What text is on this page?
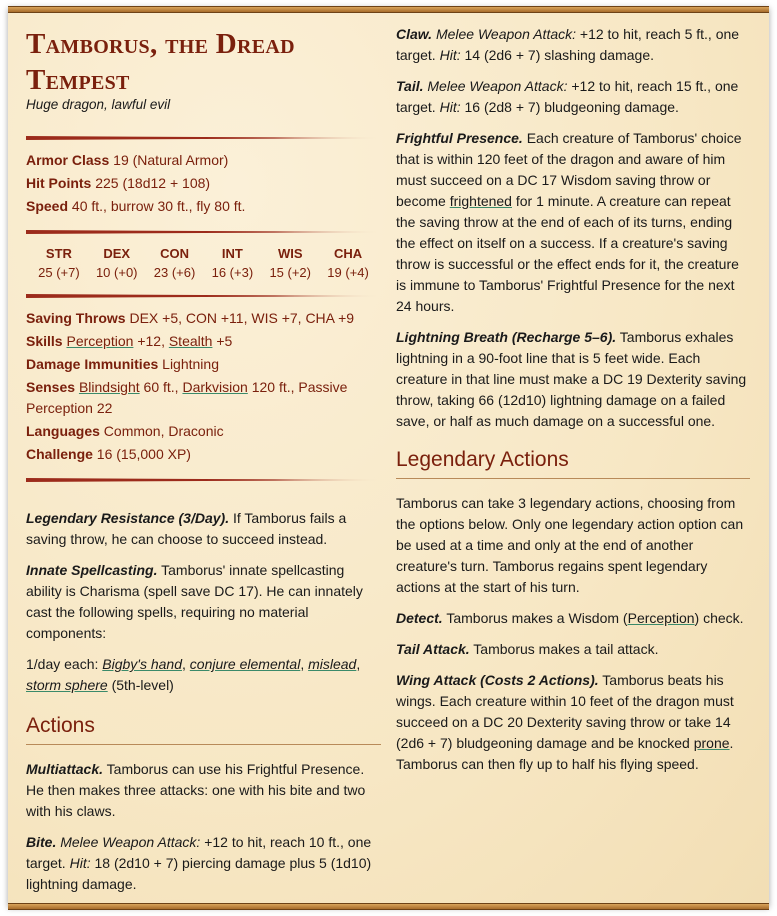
Tamborus, the Dread Tempest
Huge dragon, lawful evil
Armor Class 19 (Natural Armor)
Hit Points 225 (18d12 + 108)
Speed 40 ft., burrow 30 ft., fly 80 ft.
STR
25 (+7)
DEX
10 (+0)
CON
23 (+6)
INT
16 (+3)
WIS
15 (+2)
CHA
19 (+4)
Saving Throws DEX +5, CON +11, WIS +7, CHA +9
Skills Perception +12, Stealth +5
Damage Immunities Lightning
Senses Blindsight 60 ft., Darkvision 120 ft., Passive Perception 22
Languages Common, Draconic
Challenge 16 (15,000 XP)

Legendary Resistance (3/Day). If Tamborus fails a saving throw, he can choose to succeed instead.

Innate Spellcasting. Tamborus' innate spellcasting ability is Charisma (spell save DC 17). He can innately cast the following spells, requiring no material components:

1/day each: Bigby's hand, conjure elemental, mislead, storm sphere (5th-level)

Actions

Multiattack. Tamborus can use his Frightful Presence. He then makes three attacks: one with his bite and two with his claws.

Bite. Melee Weapon Attack: +12 to hit, reach 10 ft., one target. Hit: 18 (2d10 + 7) piercing damage plus 5 (1d10) lightning damage.

Claw. Melee Weapon Attack: +12 to hit, reach 5 ft., one target. Hit: 14 (2d6 + 7) slashing damage.

Tail. Melee Weapon Attack: +12 to hit, reach 15 ft., one target. Hit: 16 (2d8 + 7) bludgeoning damage.

Frightful Presence. Each creature of Tamborus' choice that is within 120 feet of the dragon and aware of him must succeed on a DC 17 Wisdom saving throw or become frightened for 1 minute. A creature can repeat the saving throw at the end of each of its turns, ending the effect on itself on a success. If a creature's saving throw is successful or the effect ends for it, the creature is immune to Tamborus' Frightful Presence for the next 24 hours.

Lightning Breath (Recharge 5–6). Tamborus exhales lightning in a 90-foot line that is 5 feet wide. Each creature in that line must make a DC 19 Dexterity saving throw, taking 66 (12d10) lightning damage on a failed save, or half as much damage on a successful one.

Legendary Actions

Tamborus can take 3 legendary actions, choosing from the options below. Only one legendary action option can be used at a time and only at the end of another creature's turn. Tamborus regains spent legendary actions at the start of his turn.

Detect. Tamborus makes a Wisdom (Perception) check.

Tail Attack. Tamborus makes a tail attack.

Wing Attack (Costs 2 Actions). Tamborus beats his wings. Each creature within 10 feet of the dragon must succeed on a DC 20 Dexterity saving throw or take 14 (2d6 + 7) bludgeoning damage and be knocked prone. Tamborus can then fly up to half his flying speed.
